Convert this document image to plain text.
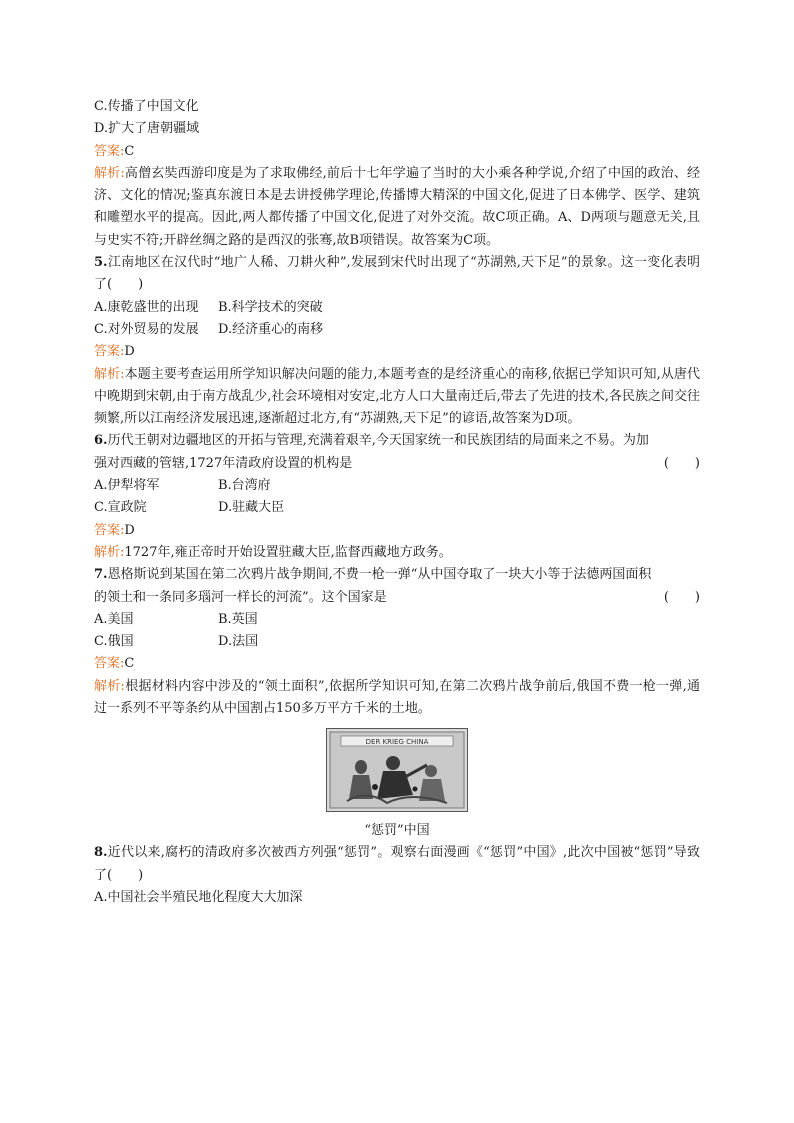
C.传播了中国文化
D.扩大了唐朝疆域
答案:C
解析:高僧玄奘西游印度是为了求取佛经,前后十七年学遍了当时的大小乘各种学说,介绍了中国的政治、经济、文化的情况;鉴真东渡日本是去讲授佛学理论,传播博大精深的中国文化,促进了日本佛学、医学、建筑和雕塑水平的提高。因此,两人都传播了中国文化,促进了对外交流。故C项正确。A、D两项与题意无关,且与史实不符;开辟丝绸之路的是西汉的张骞,故B项错误。故答案为C项。
5.江南地区在汉代时“地广人稀、刀耕火种”,发展到宋代时出现了“苏湖熟,天下足”的景象。这一变化表明了(　　)
A.康乾盛世的出现	B.科学技术的突破
C.对外贸易的发展	D.经济重心的南移
答案:D
解析:本题主要考查运用所学知识解决问题的能力,本题考查的是经济重心的南移,依据已学知识可知,从唐代中晚期到宋朝,由于南方战乱少,社会环境相对安定,北方人口大量南迁后,带去了先进的技术,各民族之间交往频繁,所以江南经济发展迅速,逐渐超过北方,有“苏湖熟,天下足”的谚语,故答案为D项。
6.历代王朝对边疆地区的开拓与管理,充满着艰辛,今天国家统一和民族团结的局面来之不易。为加强对西藏的管辖,1727年清政府设置的机构是	(　　)
A.伊犁将军	B.台湾府
C.宣政院	D.驻藏大臣
答案:D
解析:1727年,雍正帝时开始设置驻藏大臣,监督西藏地方政务。
7.恩格斯说到某国在第二次鸦片战争期间,不费一枪一弹“从中国夺取了一块大小等于法德两国面积的领土和一条同多瑙河一样长的河流”。这个国家是	(　　)
A.美国	B.英国
C.俄国	D.法国
答案:C
解析:根据材料内容中涉及的“领土面积”,依据所学知识可知,在第二次鸦片战争前后,俄国不费一枪一弹,通过一系列不平等条约从中国割占150多万平方千米的土地。
DER KRIEG CHINA
“惩罚”中国
8.近代以来,腐朽的清政府多次被西方列强“惩罚”。观察右面漫画《“惩罚”中国》,此次中国被“惩罚”导致了(　　)
A.中国社会半殖民地化程度大大加深
